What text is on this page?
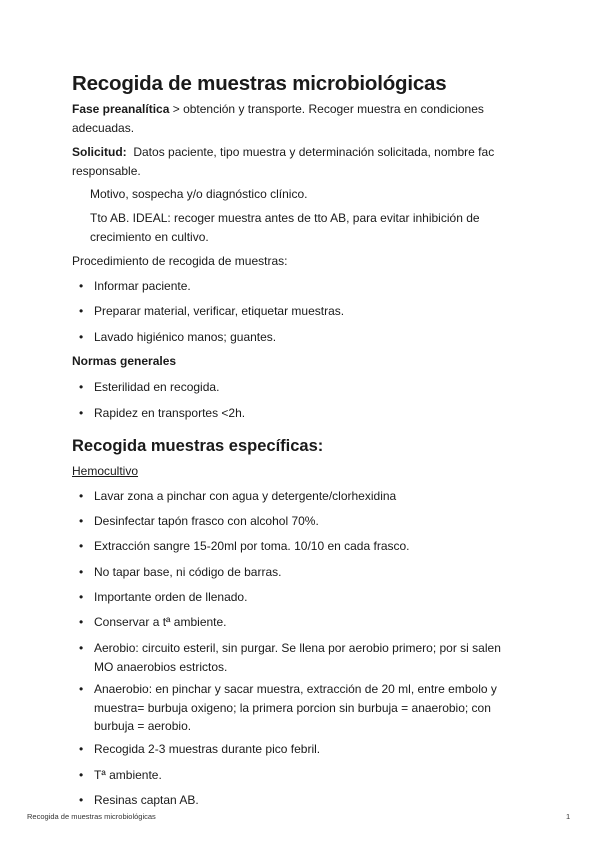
Recogida de muestras microbiológicas

Fase preanalítica > obtención y transporte. Recoger muestra en condiciones adecuadas.

Solicitud:  Datos paciente, tipo muestra y determinación solicitada, nombre fac responsable.

Motivo, sospecha y/o diagnóstico clínico.

Tto AB. IDEAL: recoger muestra antes de tto AB, para evitar inhibición de crecimiento en cultivo.

Procedimiento de recogida de muestras:

• Informar paciente.

• Preparar material, verificar, etiquetar muestras.

• Lavado higiénico manos; guantes.

Normas generales

• Esterilidad en recogida.

• Rapidez en transportes <2h.

Recogida muestras específicas:

Hemocultivo

• Lavar zona a pinchar con agua y detergente/clorhexidina

• Desinfectar tapón frasco con alcohol 70%.

• Extracción sangre 15-20ml por toma. 10/10 en cada frasco.

• No tapar base, ni código de barras.

• Importante orden de llenado.

• Conservar a tª ambiente.

• Aerobio: circuito esteril, sin purgar. Se llena por aerobio primero; por si salen MO anaerobios estrictos.

• Anaerobio: en pinchar y sacar muestra, extracción de 20 ml, entre embolo y muestra= burbuja oxigeno; la primera porcion sin burbuja = anaerobio; con burbuja = aerobio.

• Recogida 2-3 muestras durante pico febril.

• Tª ambiente.

• Resinas captan AB.

Recogida de muestras microbiológicas	1
